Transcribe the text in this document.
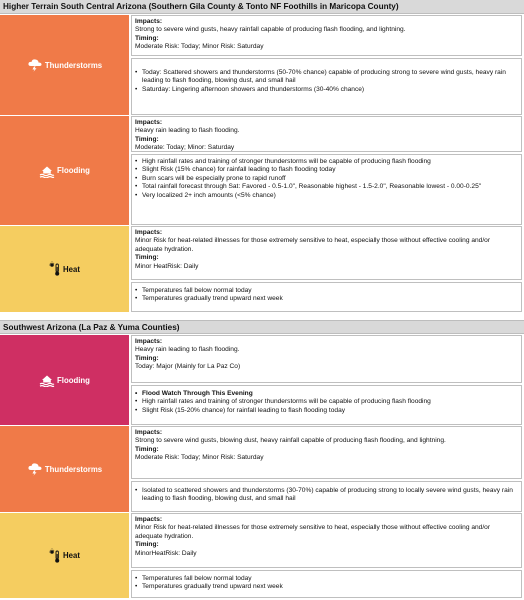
Higher Terrain South Central Arizona (Southern Gila County & Tonto NF Foothills in Maricopa County)
Thunderstorms
Impacts:
Strong to severe wind gusts, heavy rainfall capable of producing flash flooding, and lightning.
Timing:
Moderate Risk: Today; Minor Risk: Saturday
• Today: Scattered showers and thunderstorms (50-70% chance) capable of producing strong to severe wind gusts, heavy rain leading to flash flooding, blowing dust, and small hail
• Saturday: Lingering afternoon showers and thunderstorms (30-40% chance)
Flooding
Impacts:
Heavy rain leading to flash flooding.
Timing:
Moderate: Today; Minor: Saturday
• High rainfall rates and training of stronger thunderstorms will be capable of producing flash flooding
• Slight Risk (15% chance) for rainfall leading to flash flooding today
• Burn scars will be especially prone to rapid runoff
• Total rainfall forecast through Sat: Favored - 0.5-1.0", Reasonable highest - 1.5-2.0", Reasonable lowest - 0.00-0.25"
• Very localized 2+ inch amounts (<5% chance)
Heat
Impacts:
Minor Risk for heat-related illnesses for those extremely sensitive to heat, especially those without effective cooling and/or adequate hydration.
Timing:
Minor HeatRisk: Daily
• Temperatures fall below normal today
• Temperatures gradually trend upward next week
Southwest Arizona (La Paz & Yuma Counties)
Flooding
Impacts:
Heavy rain leading to flash flooding.
Timing:
Today: Major (Mainly for La Paz Co)
• Flood Watch Through This Evening
• High rainfall rates and training of stronger thunderstorms will be capable of producing flash flooding
• Slight Risk (15-20% chance) for rainfall leading to flash flooding today
Thunderstorms
Impacts:
Strong to severe wind gusts, blowing dust, heavy rainfall capable of producing flash flooding, and lightning.
Timing:
Moderate Risk: Today; Minor Risk: Saturday
• Isolated to scattered showers and thunderstorms (30-70%) capable of producing strong to locally severe wind gusts, heavy rain leading to flash flooding, blowing dust, and small hail
Heat
Impacts:
Minor Risk for heat-related illnesses for those extremely sensitive to heat, especially those without effective cooling and/or adequate hydration.
Timing:
MinorHeatRisk: Daily
• Temperatures fall below normal today
• Temperatures gradually trend upward next week
